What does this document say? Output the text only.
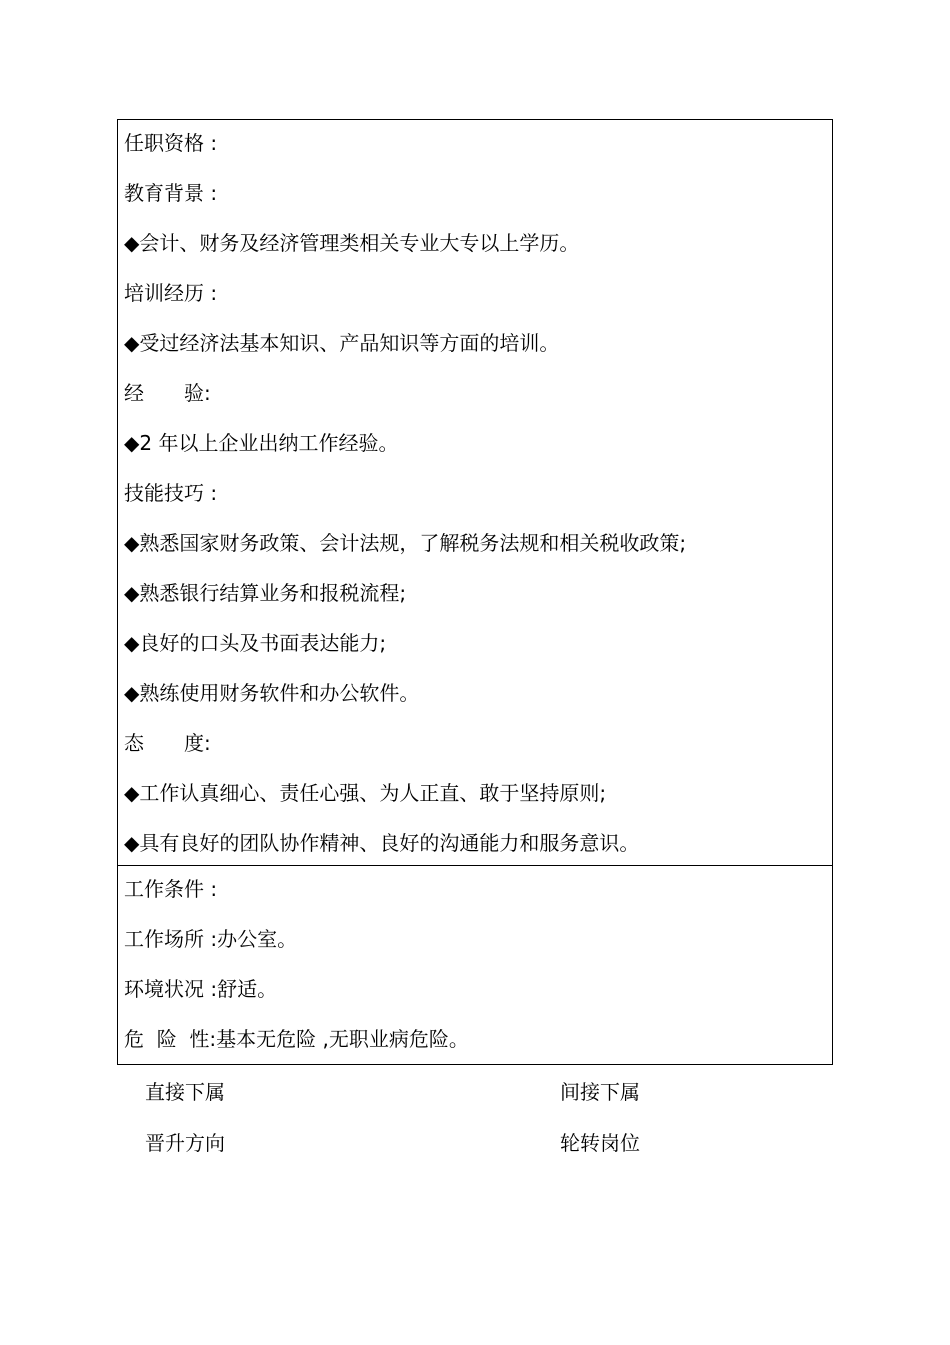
任职资格 :
教育背景 :
◆会计、财务及经济管理类相关专业大专以上学历。
培训经历 :
◆受过经济法基本知识、产品知识等方面的培训。
经　　验:
◆2 年以上企业出纳工作经验。
技能技巧 :
◆熟悉国家财务政策、会计法规，了解税务法规和相关税收政策;
◆熟悉银行结算业务和报税流程;
◆良好的口头及书面表达能力;
◆熟练使用财务软件和办公软件。
态　　度:
◆工作认真细心、责任心强、为人正直、敢于坚持原则;
◆具有良好的团队协作精神、良好的沟通能力和服务意识。
工作条件 :
工作场所 :办公室。
环境状况 :舒适。
危  险  性:基本无危险 ,无职业病危险。
直接下属	间接下属
晋升方向	轮转岗位
